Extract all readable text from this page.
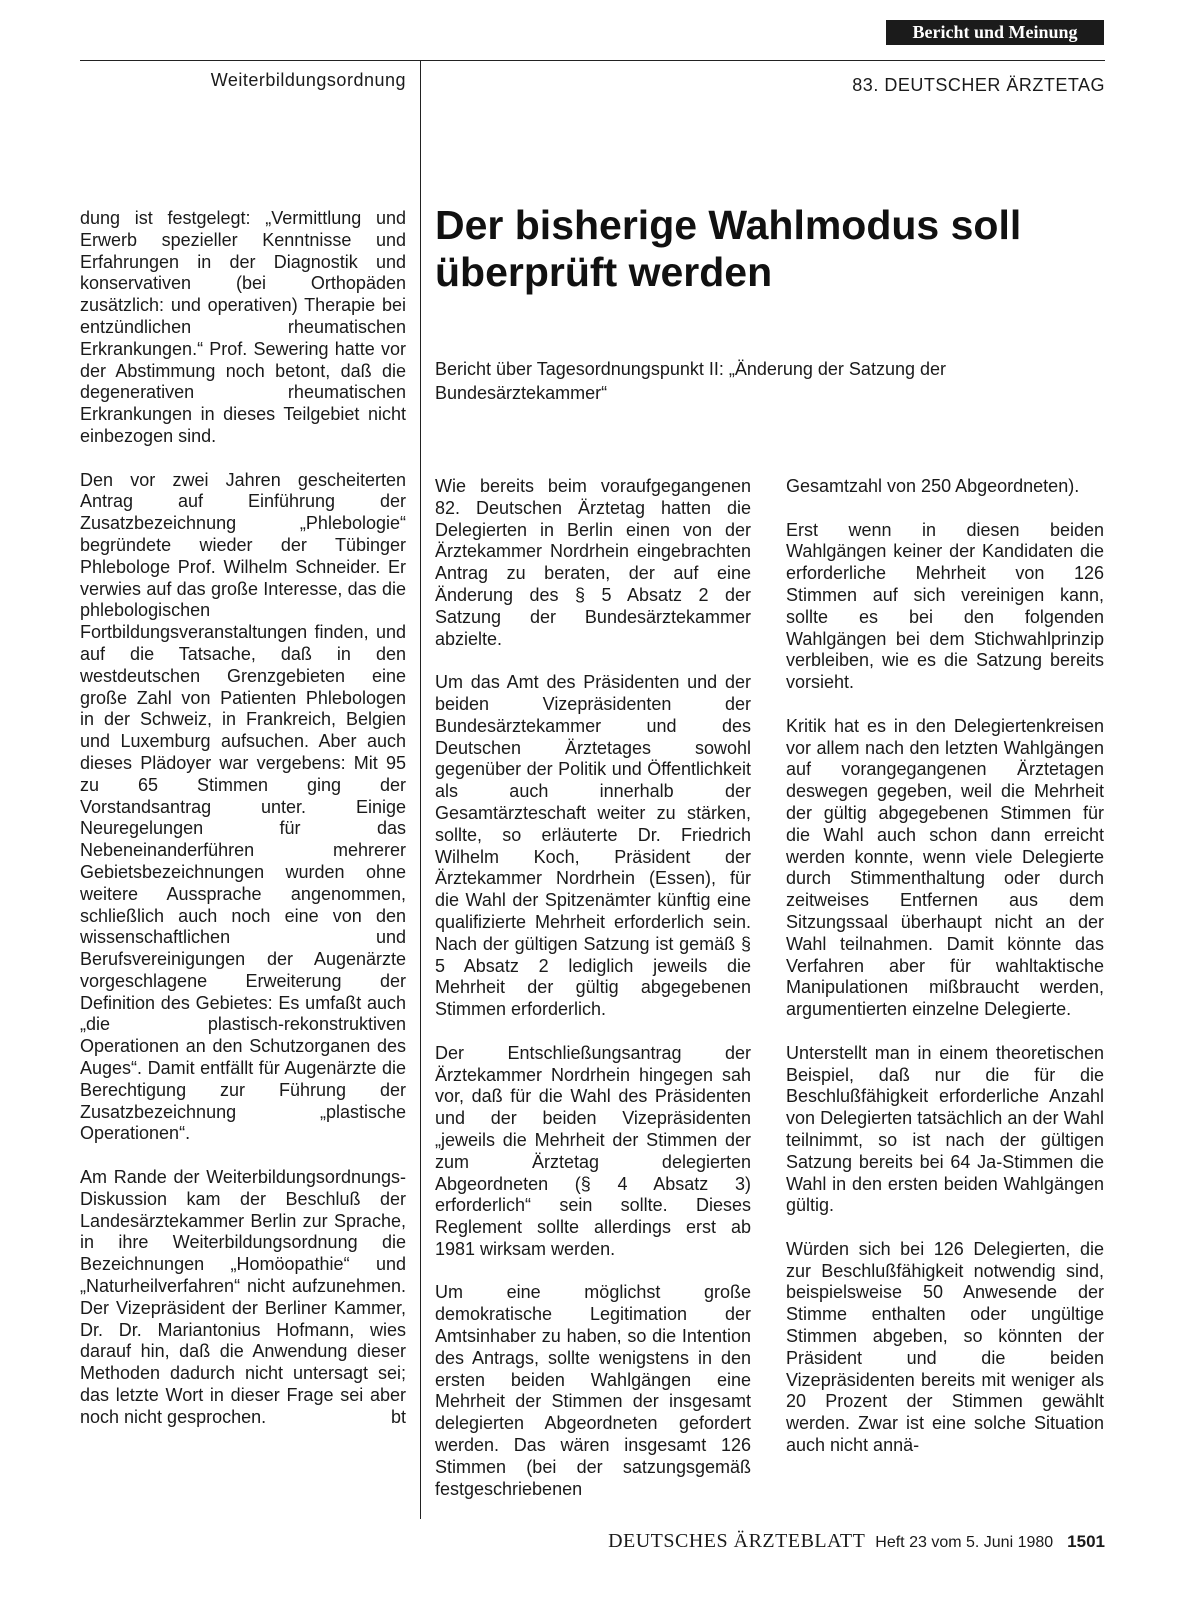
Bericht und Meinung
Weiterbildungsordnung	83. DEUTSCHER ÄRZTETAG
Der bisherige Wahlmodus soll überprüft werden
Bericht über Tagesordnungspunkt II: „Änderung der Satzung der Bundesärztekammer“

dung ist festgelegt: „Vermittlung und Erwerb spezieller Kenntnisse und Erfahrungen in der Diagnostik und konservativen (bei Orthopäden zusätzlich: und operativen) Therapie bei entzündlichen rheumatischen Erkrankungen.“ Prof. Sewering hatte vor der Abstimmung noch betont, daß die degenerativen rheumatischen Erkrankungen in dieses Teilgebiet nicht einbezogen sind.

Den vor zwei Jahren gescheiterten Antrag auf Einführung der Zusatzbezeichnung „Phlebologie“ begründete wieder der Tübinger Phlebologe Prof. Wilhelm Schneider. Er verwies auf das große Interesse, das die phlebologischen Fortbildungsveranstaltungen finden, und auf die Tatsache, daß in den westdeutschen Grenzgebieten eine große Zahl von Patienten Phlebologen in der Schweiz, in Frankreich, Belgien und Luxemburg aufsuchen. Aber auch dieses Plädoyer war vergebens: Mit 95 zu 65 Stimmen ging der Vorstandsantrag unter. Einige Neuregelungen für das Nebeneinanderführen mehrerer Gebietsbezeichnungen wurden ohne weitere Aussprache angenommen, schließlich auch noch eine von den wissenschaftlichen und Berufsvereinigungen der Augenärzte vorgeschlagene Erweiterung der Definition des Gebietes: Es umfaßt auch „die plastisch-rekonstruktiven Operationen an den Schutzorganen des Auges“. Damit entfällt für Augenärzte die Berechtigung zur Führung der Zusatzbezeichnung „plastische Operationen“.

Am Rande der Weiterbildungsordnungs-Diskussion kam der Beschluß der Landesärztekammer Berlin zur Sprache, in ihre Weiterbildungsordnung die Bezeichnungen „Homöopathie“ und „Naturheilverfahren“ nicht aufzunehmen. Der Vizepräsident der Berliner Kammer, Dr. Dr. Mariantonius Hofmann, wies darauf hin, daß die Anwendung dieser Methoden dadurch nicht untersagt sei; das letzte Wort in dieser Frage sei aber noch nicht gesprochen.	bt

Wie bereits beim voraufgegangenen 82. Deutschen Ärztetag hatten die Delegierten in Berlin einen von der Ärztekammer Nordrhein eingebrachten Antrag zu beraten, der auf eine Änderung des § 5 Absatz 2 der Satzung der Bundesärztekammer abzielte.

Um das Amt des Präsidenten und der beiden Vizepräsidenten der Bundesärztekammer und des Deutschen Ärztetages sowohl gegenüber der Politik und Öffentlichkeit als auch innerhalb der Gesamtärzteschaft weiter zu stärken, sollte, so erläuterte Dr. Friedrich Wilhelm Koch, Präsident der Ärztekammer Nordrhein (Essen), für die Wahl der Spitzenämter künftig eine qualifizierte Mehrheit erforderlich sein. Nach der gültigen Satzung ist gemäß § 5 Absatz 2 lediglich jeweils die Mehrheit der gültig abgegebenen Stimmen erforderlich.

Der Entschließungsantrag der Ärztekammer Nordrhein hingegen sah vor, daß für die Wahl des Präsidenten und der beiden Vizepräsidenten „jeweils die Mehrheit der Stimmen der zum Ärztetag delegierten Abgeordneten (§ 4 Absatz 3) erforderlich“ sein sollte. Dieses Reglement sollte allerdings erst ab 1981 wirksam werden.

Um eine möglichst große demokratische Legitimation der Amtsinhaber zu haben, so die Intention des Antrags, sollte wenigstens in den ersten beiden Wahlgängen eine Mehrheit der Stimmen der insgesamt delegierten Abgeordneten gefordert werden. Das wären insgesamt 126 Stimmen (bei der satzungsgemäß festgeschriebenen

Gesamtzahl von 250 Abgeordneten).

Erst wenn in diesen beiden Wahlgängen keiner der Kandidaten die erforderliche Mehrheit von 126 Stimmen auf sich vereinigen kann, sollte es bei den folgenden Wahlgängen bei dem Stichwahlprinzip verbleiben, wie es die Satzung bereits vorsieht.

Kritik hat es in den Delegiertenkreisen vor allem nach den letzten Wahlgängen auf vorangegangenen Ärztetagen deswegen gegeben, weil die Mehrheit der gültig abgegebenen Stimmen für die Wahl auch schon dann erreicht werden konnte, wenn viele Delegierte durch Stimmenthaltung oder durch zeitweises Entfernen aus dem Sitzungssaal überhaupt nicht an der Wahl teilnahmen. Damit könnte das Verfahren aber für wahltaktische Manipulationen mißbraucht werden, argumentierten einzelne Delegierte.

Unterstellt man in einem theoretischen Beispiel, daß nur die für die Beschlußfähigkeit erforderliche Anzahl von Delegierten tatsächlich an der Wahl teilnimmt, so ist nach der gültigen Satzung bereits bei 64 Ja-Stimmen die Wahl in den ersten beiden Wahlgängen gültig.

Würden sich bei 126 Delegierten, die zur Beschlußfähigkeit notwendig sind, beispielsweise 50 Anwesende der Stimme enthalten oder ungültige Stimmen abgeben, so könnten der Präsident und die beiden Vizepräsidenten bereits mit weniger als 20 Prozent der Stimmen gewählt werden. Zwar ist eine solche Situation auch nicht annä-

DEUTSCHES ÄRZTEBLATT Heft 23 vom 5. Juni 1980 1501
